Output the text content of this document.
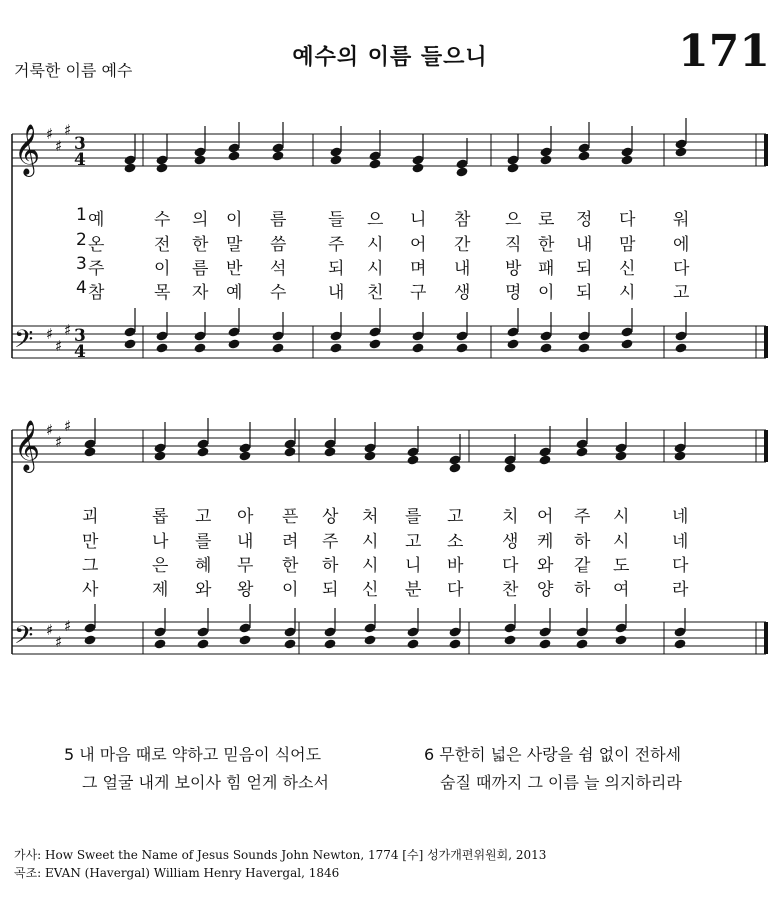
거룩한 이름 예수
예수의 이름 들으니	171
𝄞 ♯
♯
♯
3
4
𝄢 ♯
♯
♯ 3
4
𝄞 ♯
♯
♯
𝄢 ♯
♯
♯
1 예	수 의 이 름 들 으 니 참 으 로 정 다 워
2 온	전 한 말 씀 주 시 어 간 직 한 내 맘 에
3 주	이 름 반 석 되 시 며 내 방 패 되 신 다
4 참	목 자 예 수 내 친 구 생 명 이 되 시 고
괴	롭 고 아 픈 상 처 를 고 치 어 주 시	네
만	나 를 내 려 주 시 고 소 생 케 하 시	네
그	은 혜 무 한 하 시 니 바 다 와 같 도	다
사	제 와 왕 이 되 신 분 다 찬 양 하 여	라
5 내 마음 때로 약하고 믿음이 식어도
그 얼굴 내게 보이사 힘 얻게 하소서
6 무한히 넓은 사랑을 쉼 없이 전하세
숨질 때까지 그 이름 늘 의지하리라
가사: How Sweet the Name of Jesus Sounds John Newton, 1774 [수] 성가개편위원회, 2013
곡조: EVAN (Havergal) William Henry Havergal, 1846
